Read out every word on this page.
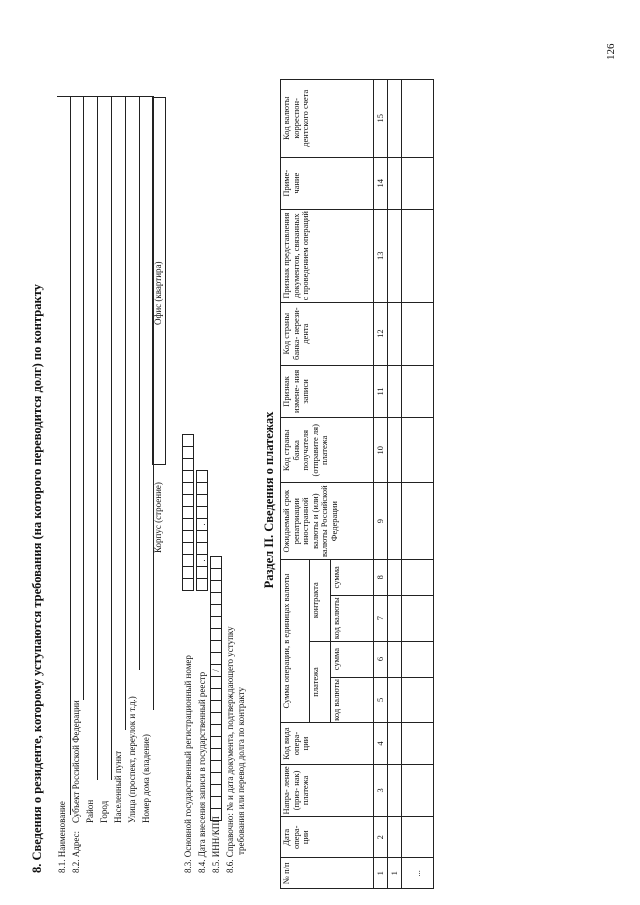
126
8. Сведения о резиденте, которому уступаются требования (на которого переводится долг) по контракту 8.1. Наименование 8.2. Адрес:
Субъект Российской Федерации Район Город Населенный пункт Улица (проспект, переулок и т.д.) Номер дома (владение)
Корпус (строение)
Офис (квартира)
8.3. Основной государственный регистрационный номер 8.4. Дата внесения записи в государственный реестр
.
.
8.5. ИНН/КПП
/ 8.6. Справочно: № и дата документа, подтверждающего уступку требования или перевод долга по контракту
Раздел II. Сведения о платежах
№ п/п	Дата опера- ции	Напра- ление (приз- нак) платежа	Код вида опера- ции	Сумма операции, в единицах валюты				Ожидаемый срок репатриации иностранной валюты и (или) валюты Российской Федерации	Код страны банка получателя (отправите ля) платежа	Признак измене- ния записи	Код страны банка- нерези- дента	Признак представления документов, связанных с проведением операций	Приме- чание	Код валюты корреспон- дентского счета
				платежа		контракта								
				код валюты	сумма	код валюты	сумма							
1	2	3	4	5	6	7	8	9	10	11	12	13	14	15
1														
...														
